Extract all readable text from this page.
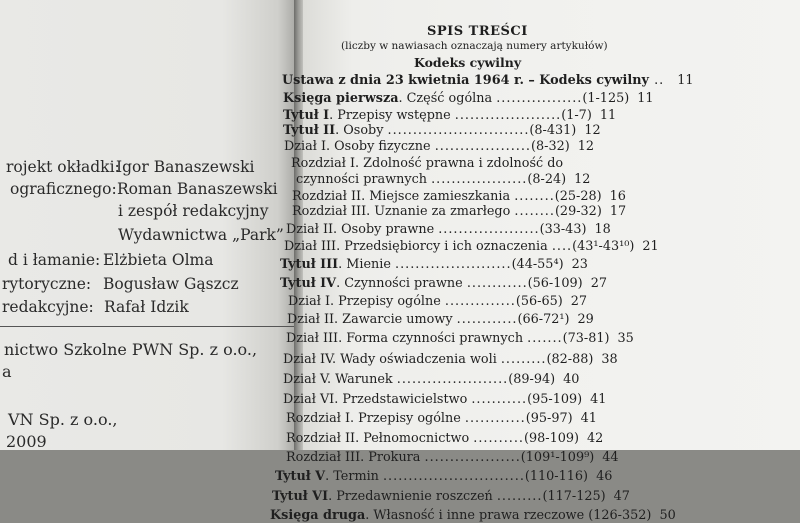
rojekt okładki:
Igor Banaszewski
ograficznego: Roman Banaszewski
i zespół redakcyjny
Wydawnictwa „Park”
d i łamanie: Elżbieta Olma
rytoryczne: Bogusław Gąszcz
redakcyjne: Rafał Idzik
nictwo Szkolne PWN Sp. z o.o.,
a
VN Sp. z o.o.,
2009
SPIS TREŚCI
(liczby w nawiasach oznaczają numery artykułów)
Kodeks cywilny
Ustawa z dnia 23 kwietnia 1964 r. – Kodeks cywilny .. 11
Księga pierwsza. Część ogólna .................(1-125) 11
Tytuł I. Przepisy wstępne .....................(1-7) 11
Tytuł II. Osoby ............................(8-431) 12
Dział I. Osoby fizyczne ...................(8-32) 12
Rozdział I. Zdolność prawna i zdolność do
czynności prawnych ...................(8-24) 12
Rozdział II. Miejsce zamieszkania ........(25-28) 16
Rozdział III. Uznanie za zmarłego ........(29-32) 17
Dział II. Osoby prawne ....................(33-43) 18
Dział III. Przedsiębiorcy i ich oznaczenia ....(43¹-43¹⁰) 21
Tytuł III. Mienie .......................(44-55⁴) 23
Tytuł IV. Czynności prawne ............(56-109) 27
Dział I. Przepisy ogólne ..............(56-65) 27
Dział II. Zawarcie umowy ............(66-72¹) 29
Dział III. Forma czynności prawnych .......(73-81) 35
Dział IV. Wady oświadczenia woli .........(82-88) 38
Dział V. Warunek ......................(89-94) 40
Dział VI. Przedstawicielstwo ...........(95-109) 41
Rozdział I. Przepisy ogólne ............(95-97) 41
Rozdział II. Pełnomocnictwo ..........(98-109) 42
Rozdział III. Prokura ...................(109¹-109⁹) 44
Tytuł V. Termin ............................(110-116) 46
Tytuł VI. Przedawnienie roszczeń .........(117-125) 47
Księga druga. Własność i inne prawa rzeczowe (126-352) 50
